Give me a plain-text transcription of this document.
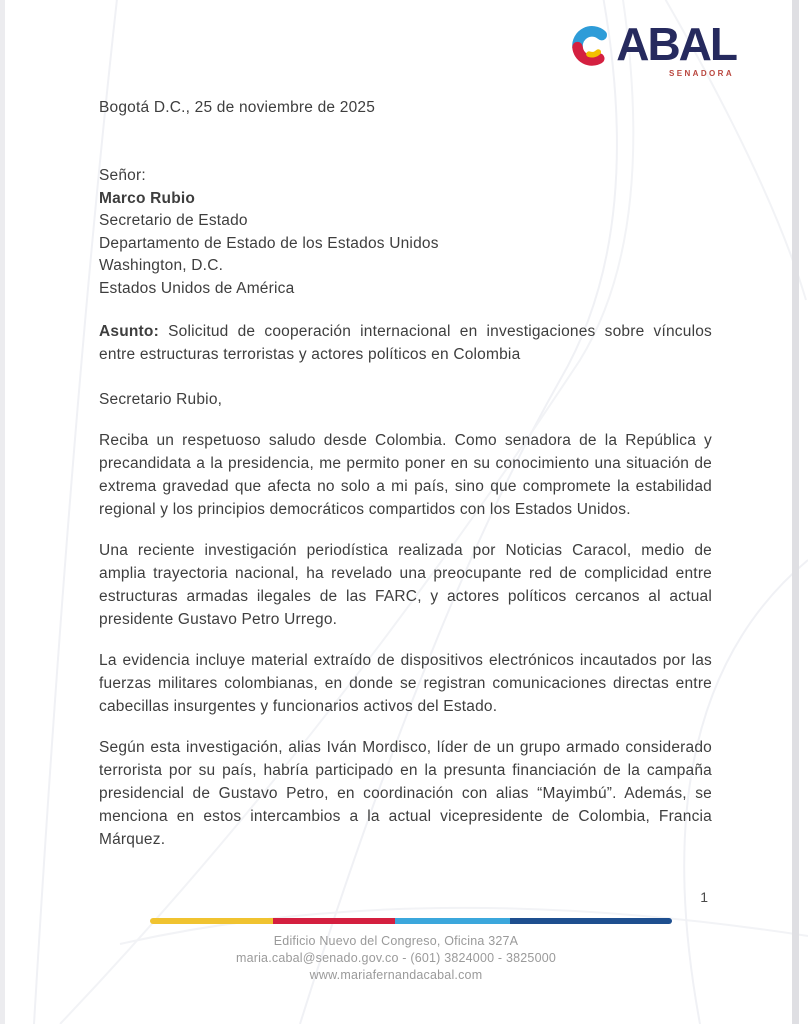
ABAL
SENADORA

Bogotá D.C., 25 de noviembre de 2025

Señor:

Marco Rubio

Secretario de Estado

Departamento de Estado de los Estados Unidos

Washington, D.C.

Estados Unidos de América

Asunto: Solicitud de cooperación internacional en investigaciones sobre vínculos entre estructuras terroristas y actores políticos en Colombia

Secretario Rubio,

Reciba un respetuoso saludo desde Colombia. Como senadora de la República y precandidata a la presidencia, me permito poner en su conocimiento una situación de extrema gravedad que afecta no solo a mi país, sino que compromete la estabilidad regional y los principios democráticos compartidos con los Estados Unidos.

Una reciente investigación periodística realizada por Noticias Caracol, medio de amplia trayectoria nacional, ha revelado una preocupante red de complicidad entre estructuras armadas ilegales de las FARC, y actores políticos cercanos al actual presidente Gustavo Petro Urrego.

La evidencia incluye material extraído de dispositivos electrónicos incautados por las fuerzas militares colombianas, en donde se registran comunicaciones directas entre cabecillas insurgentes y funcionarios activos del Estado.

Según esta investigación, alias Iván Mordisco, líder de un grupo armado considerado terrorista por su país, habría participado en la presunta financiación de la campaña presidencial de Gustavo Petro, en coordinación con alias “Mayimbú”. Además, se menciona en estos intercambios a la actual vicepresidente de Colombia, Francia Márquez.

1

Edificio Nuevo del Congreso, Oficina 327A

maria.cabal@senado.gov.co - (601) 3824000 - 3825000

www.mariafernandacabal.com
